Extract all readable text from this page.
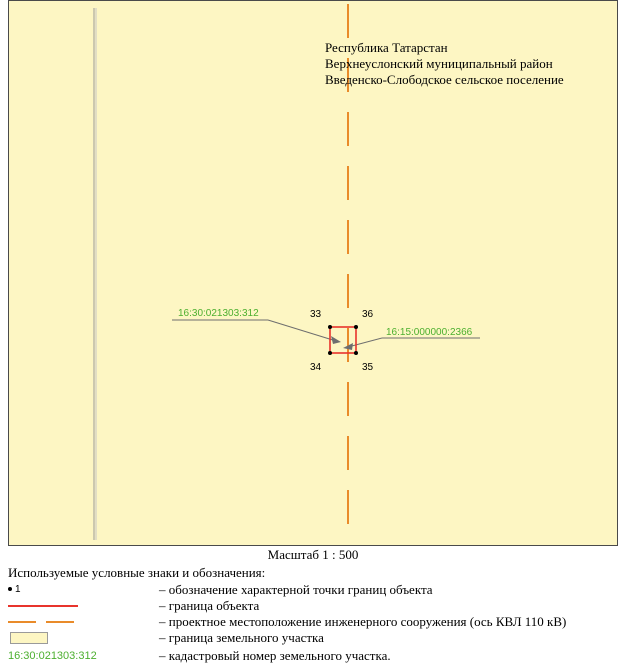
Республика Татарстан
Верхнеуслонский муниципальный район
Введенско-Слободское сельское поселение
16:30:021303:312
16:15:000000:2366
33	36
34	35
Масштаб 1 : 500
Используемые условные знаки и обозначения:
1	– обозначение характерной точки границ объекта
– граница объекта
– проектное местоположение инженерного сооружения (ось КВЛ 110 кВ)
– граница земельного участка
16:30:021303:312	– кадастровый номер земельного участка.
